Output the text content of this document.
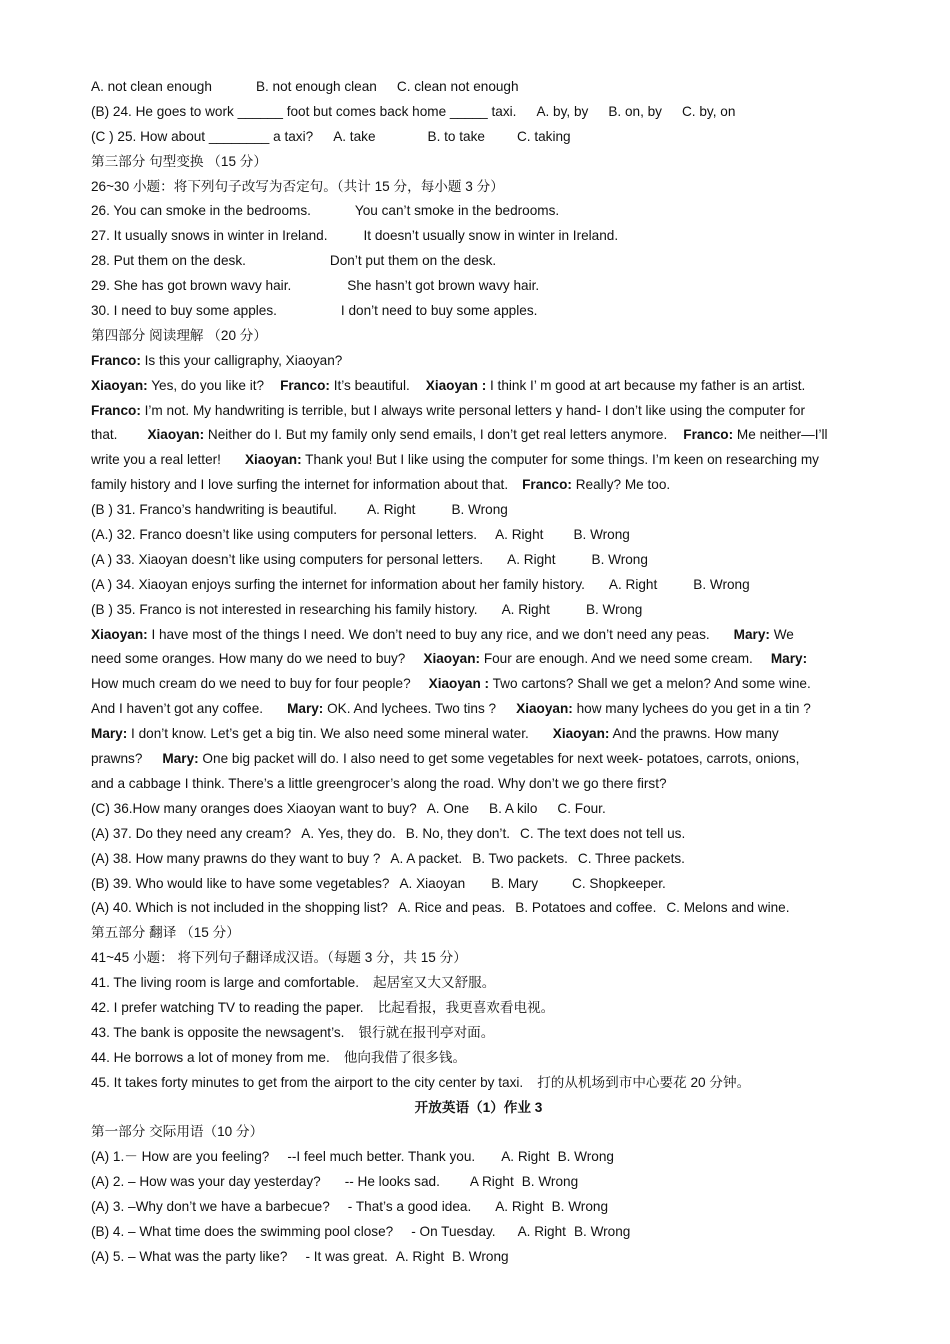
A. not clean enough	B. not enough clean C. clean not enough
(B) 24. He goes to work ______ foot but comes back home _____ taxi. A. by, by B. on, by C. by, on
(C ) 25. How about ________ a taxi? A. take	B. to take C. taking
第三部分 句型变换 （15 分）
26~30 小题：将下列句子改写为否定句。（共计 15 分，每小题 3 分）
26. You can smoke in the bedrooms.	You can’t smoke in the bedrooms.
27. It usually snows in winter in Ireland.	It doesn’t usually snow in winter in Ireland.
28. Put them on the desk.	Don’t put them on the desk.
29. She has got brown wavy hair.	She hasn’t got brown wavy hair.
30. I need to buy some apples.	I don’t need to buy some apples.
第四部分 阅读理解 （20 分）
Franco: Is this your calligraphy, Xiaoyan?
Xiaoyan: Yes, do you like it? Franco: It’s beautiful. Xiaoyan : I think I’ m good at art because my father is an artist.
Franco: I’m not. My handwriting is terrible, but I always write personal letters y hand- I don’t like using the computer for
that. Xiaoyan: Neither do I. But my family only send emails, I don’t get real letters anymore. Franco: Me neither—I’ll
write you a real letter! Xiaoyan: Thank you! But I like using the computer for some things. I’m keen on researching my
family history and I love surfing the internet for information about that. Franco: Really? Me too.
(B ) 31. Franco’s handwriting is beautiful. A. Right	B. Wrong
(A.) 32. Franco doesn’t like using computers for personal letters. A. Right B. Wrong
(A ) 33. Xiaoyan doesn’t like using computers for personal letters. A. Right	B. Wrong
(A ) 34. Xiaoyan enjoys surfing the internet for information about her family history. A. Right	B. Wrong
(B ) 35. Franco is not interested in researching his family history. A. Right	B. Wrong
Xiaoyan: I have most of the things I need. We don’t need to buy any rice, and we don’t need any peas. Mary: We
need some oranges. How many do we need to buy? Xiaoyan: Four are enough. And we need some cream. Mary:
How much cream do we need to buy for four people? Xiaoyan : Two cartons? Shall we get a melon? And some wine.
And I haven’t got any coffee. Mary: OK. And lychees. Two tins ? Xiaoyan: how many lychees do you get in a tin ?
Mary: I don’t know. Let’s get a big tin. We also need some mineral water. Xiaoyan: And the prawns. How many
prawns? Mary: One big packet will do. I also need to get some vegetables for next week- potatoes, carrots, onions,
and a cabbage I think. There’s a little greengrocer’s along the road. Why don’t we go there first?
(C) 36.How many oranges does Xiaoyan want to buy? A. One B. A kilo C. Four.
(A) 37. Do they need any cream? A. Yes, they do. B. No, they don’t. C. The text does not tell us.
(A) 38. How many prawns do they want to buy ? A. A packet. B. Two packets. C. Three packets.
(B) 39. Who would like to have some vegetables? A. Xiaoyan B. Mary	C. Shopkeeper.
(A) 40. Which is not included in the shopping list? A. Rice and peas. B. Potatoes and coffee. C. Melons and wine.
第五部分 翻译 （15 分）
41~45 小题： 将下列句子翻译成汉语。（每题 3 分，共 15 分）
41. The living room is large and comfortable. 起居室又大又舒服。
42. I prefer watching TV to reading the paper. 比起看报，我更喜欢看电视。
43. The bank is opposite the newsagent’s. 银行就在报刊亭对面。
44. He borrows a lot of money from me. 他向我借了很多钱。
45. It takes forty minutes to get from the airport to the city center by taxi. 打的从机场到市中心要花 20 分钟。
开放英语（1）作业 3
第一部分 交际用语（10 分）
(A) 1.－ How are you feeling? --I feel much better. Thank you. A. Right B. Wrong
(A) 2. – How was your day yesterday? -- He looks sad. A Right B. Wrong
(A) 3. –Why don’t we have a barbecue? - That’s a good idea. A. Right B. Wrong
(B) 4. – What time does the swimming pool close? - On Tuesday. A. Right B. Wrong
(A) 5. – What was the party like? - It was great. A. Right B. Wrong
